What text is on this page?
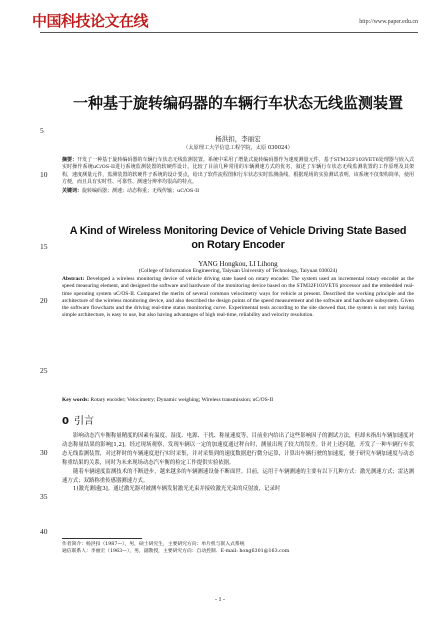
中国科技论文在线	http://www.paper.edu.cn
5
10
15
20
25
30
35
40
一种基于旋转编码器的车辆行车状态无线监测装置
杨洪扣，李丽宏
（太原理工大学信息工程学院，太原 030024）
摘要：开发了一种基于旋转编码器的车辆行车状态无线监测装置。系统中采用了增量式旋转编码器作为速度测量元件，基于STM32F103VET6处理器与嵌入式实时操作系统uC/OS-II进行系统监测装置的软硬件设计。比较了目前几种常用的车辆测速方式的优劣，叙述了车辆行车状态无线监测装置的工作原理及其架构，速度测量元件，监测装置的软硬件子系统的设计要点，给出了软件流程图和行车状态实时监测曲线，根据现场的实验测试表明，该系统不仅架构简单，使用方便，而且具有实时性、可靠性、测速分辨率均很高的特点。
关键词：旋转编码器；测速；动态称重；无线传输；uC/OS-II
A Kind of Wireless Monitoring Device of Vehicle Driving State Based on Rotary Encoder
YANG Hongkou, LI Lihong
(College of Information Engineering, Taiyuan University of Technology, Taiyuan 030024)
Abstract: Developed a wireless monitoring device of vehicle driving state based on rotary encoder. The system used an incremental rotary encoder as the speed measuring element, and designed the software and hardware of the monitoring device based on the STM32F103VET6 processor and the embedded real-time operating system uC/OS-II. Compared the merits of several common velocimetry ways for vehicle at present. Described the working principle and the architecture of the wireless monitoring device, and also described the design points of the speed measurement and the software and hardware subsystem. Given the software flowcharts and the driving real-time status monitoring curve. Experimental tests according to the site showed that, the system is not only having simple architecture, is easy to use, but also having advantages of high real-time, reliability and velocity resolution.
Key words: Rotary encoder; Velocimetry; Dynamic weighing; Wireless transmission; uC/OS-II
0 引言

影响动态汽车衡称量精度的因素有温度、湿度、电源、干扰、称量速度等，目前业内给出了这些影响因子的测试方法，但却未指出车辆加速度对动态称量结果的影响[1,2]。经过现场观察，发现车辆以一定的加速度通过秤台时，测量出现了较大的误差。针对上述问题，开发了一种车辆行车状态无线监测装置，对过秤时的车辆速度进行实时采集，并对采集到的速度数据进行微分运算，计算出车辆行驶的加速度，便于研究车辆加速度与动态称重结果的关系，同时为未来现场动态汽车衡的检定工作提供实验依据。

随着车辆速度监测技术的不断进步，越来越多的车辆测速设备不断面世。目前，运用于车辆测速的主要有以下几种方式：激光测速方式；雷达测速方式；双路称重传感器测速方式。

1)激光测速[3]。通过激光器对被测车辆发射激光光束并接收激光光束的反射波，记录时

作者简介：杨洪扣（1987—），男，硕士研究生，主要研究方向：单片机与嵌入式系统
通信联系人：李丽宏（1963—），男，副教授，主要研究方向：自动控制．E-mail: hong6301@163.com
- 1 -
